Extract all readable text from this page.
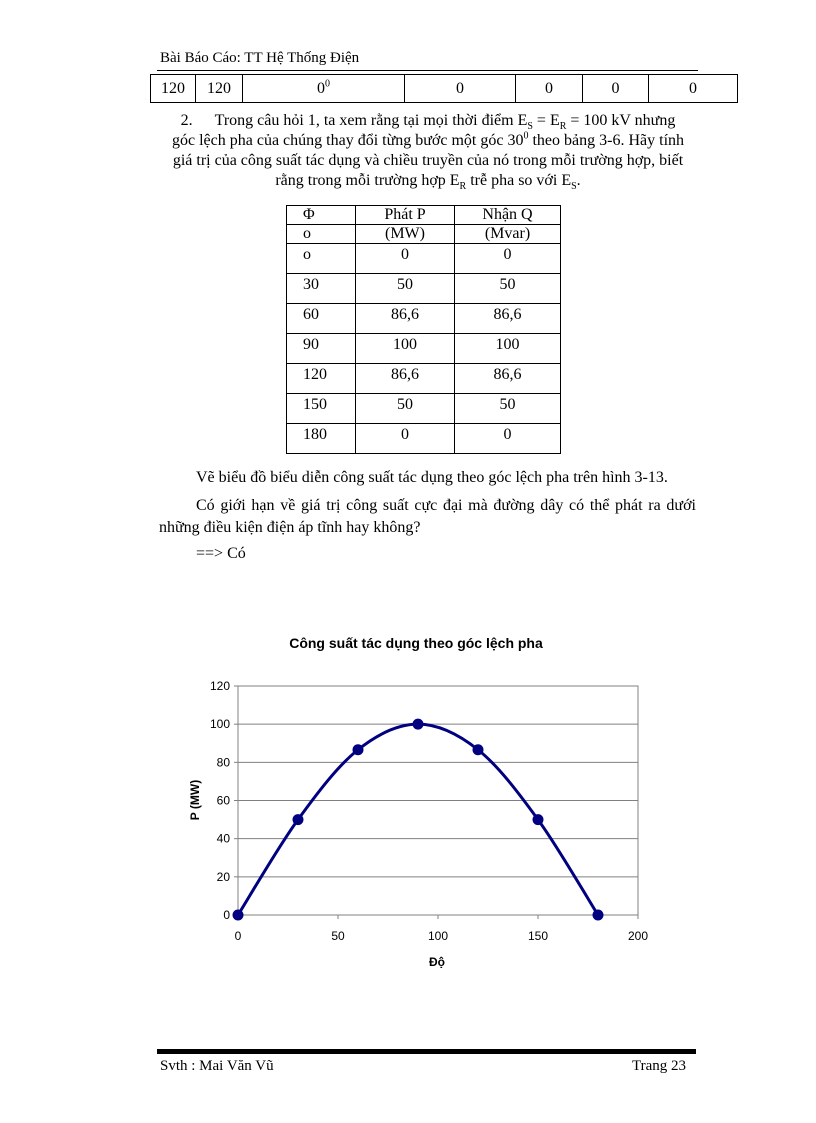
Bài Báo Cáo: TT Hệ Thống Điện
120	120	$0^0$	0	0	0	0
2. Trong câu hỏi 1, ta xem rằng tại mọi thời điểm $E_S = E_R = 100$ kV nhưng
góc lệch pha của chúng thay đổi từng bước một góc $30^0$ theo bảng 3-6. Hãy tính
giá trị của công suất tác dụng và chiều truyền của nó trong mỗi trường hợp, biết
rằng trong mỗi trường hợp $E_R$ trễ pha so với $E_S$.
Φ	Phát P	Nhận Q
o	(MW)	(Mvar)
o	0	0
30	50	50
60	86,6	86,6
90	100	100
120	86,6	86,6
150	50	50
180	0	0
Vẽ biểu đồ biểu diễn công suất tác dụng theo góc lệch pha trên hình 3-13.
Có giới hạn về giá trị công suất cực đại mà đường dây có thể phát ra dưới
những điều kiện điện áp tĩnh hay không?
==> Có
Công suất tác dụng theo góc lệch pha
0
20
40
60
80
100
120
0	50	100	150	200
Độ
P (MW)
Svth : Mai Văn Vũ	Trang 23
